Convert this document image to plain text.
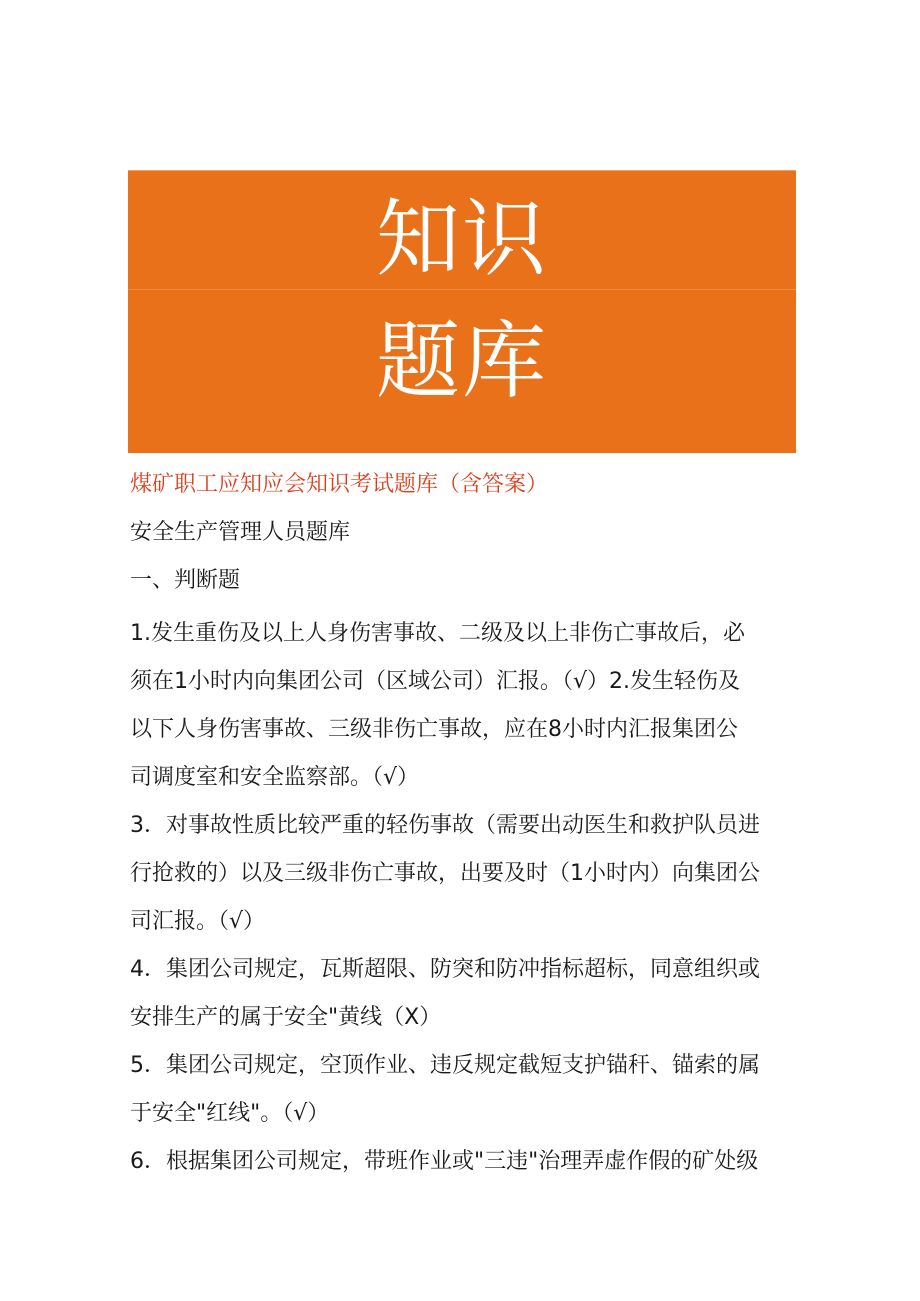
知识
题库
煤矿职工应知应会知识考试题库（含答案）
安全生产管理人员题库
一、判断题
1.发生重伤及以上人身伤害事故、二级及以上非伤亡事故后，必
须在1小时内向集团公司（区域公司）汇报。（√）2.发生轻伤及
以下人身伤害事故、三级非伤亡事故，应在8小时内汇报集团公
司调度室和安全监察部。（√）
3．对事故性质比较严重的轻伤事故（需要出动医生和救护队员进
行抢救的）以及三级非伤亡事故，出要及时（1小时内）向集团公
司汇报。（√）
4．集团公司规定，瓦斯超限、防突和防冲指标超标，同意组织或
安排生产的属于安全"黄线（X）
5．集团公司规定，空顶作业、违反规定截短支护锚秆、锚索的属
于安全"红线"。（√）
6．根据集团公司规定，带班作业或"三违"治理弄虚作假的矿处级
